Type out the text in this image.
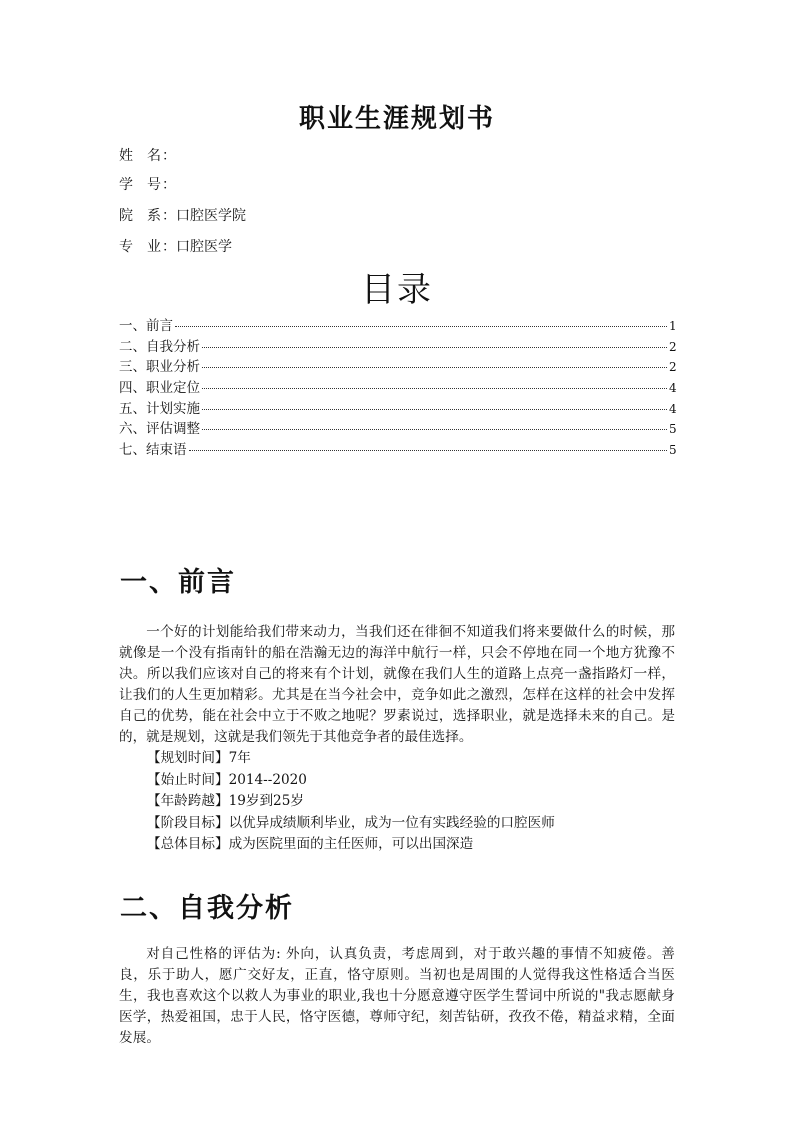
职业生涯规划书
姓 名 ：
学 号 ：
院 系 ： 口腔医学院
专 业 ： 口腔医学
目录
一、前言	1
二、自我分析	2
三、职业分析	2
四、职业定位	4
五、计划实施	4
六、评估调整	5
七、结束语	5
一、前言

一个好的计划能给我们带来动力，当我们还在徘徊不知道我们将来要做什么的时候，那就像是一个没有指南针的船在浩瀚无边的海洋中航行一样，只会不停地在同一个地方犹豫不决。所以我们应该对自己的将来有个计划，就像在我们人生的道路上点亮一盏指路灯一样，让我们的人生更加精彩。尤其是在当今社会中，竞争如此之激烈，怎样在这样的社会中发挥自己的优势，能在社会中立于不败之地呢？罗素说过，选择职业，就是选择未来的自己。是的，就是规划，这就是我们领先于其他竞争者的最佳选择。

【规划时间】7年
【始止时间】2014--2020
【年龄跨越】19岁到25岁
【阶段目标】以优异成绩顺利毕业，成为一位有实践经验的口腔医师
【总体目标】成为医院里面的主任医师，可以出国深造
二、自我分析

对自己性格的评估为: 外向，认真负责，考虑周到，对于敢兴趣的事情不知疲倦。善良，乐于助人，愿广交好友，正直，恪守原则。当初也是周围的人觉得我这性格适合当医生，我也喜欢这个以救人为事业的职业,我也十分愿意遵守医学生誓词中所说的"我志愿献身医学，热爱祖国，忠于人民，恪守医德，尊师守纪，刻苦钻研，孜孜不倦，精益求精，全面发展。
